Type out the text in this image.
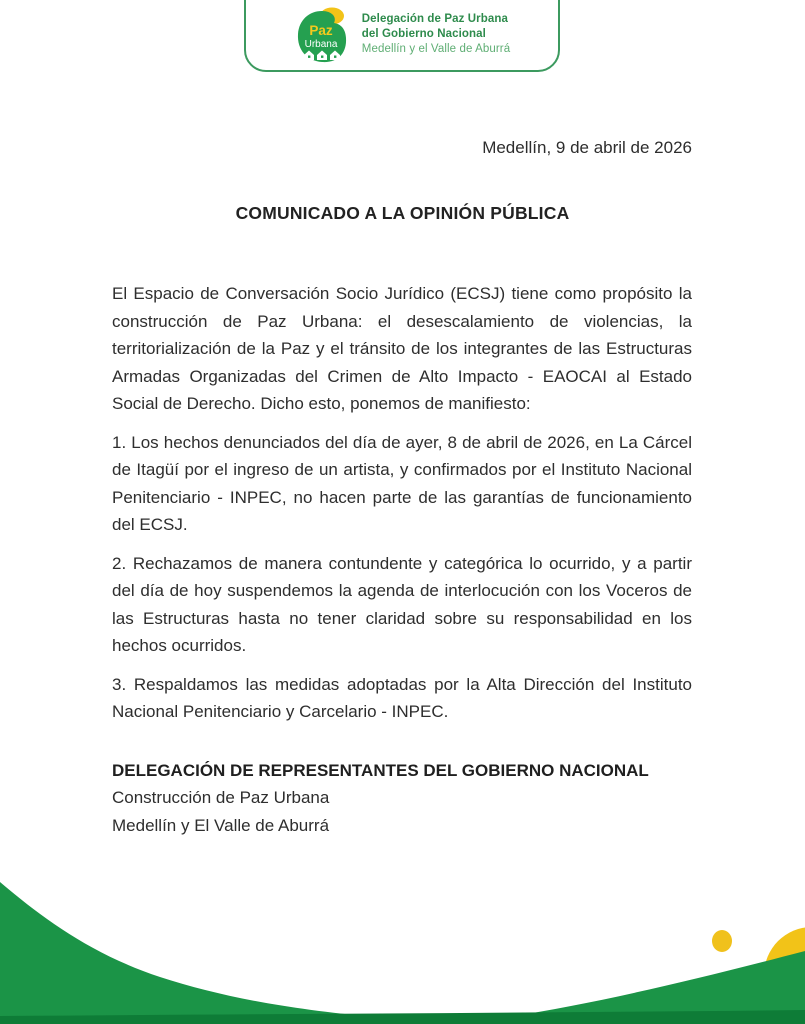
Paz
Urbana
Delegación de Paz Urbana
del Gobierno Nacional
Medellín y el Valle de Aburrá
Medellín, 9 de abril de 2026
COMUNICADO A LA OPINIÓN PÚBLICA

El Espacio de Conversación Socio Jurídico (ECSJ) tiene como propósito la construcción de Paz Urbana: el desescalamiento de violencias, la territorialización de la Paz y el tránsito de los integrantes de las Estructuras Armadas Organizadas del Crimen de Alto Impacto - EAOCAI al Estado Social de Derecho. Dicho esto, ponemos de manifiesto:

1. Los hechos denunciados del día de ayer, 8 de abril de 2026, en La Cárcel de Itagüí por el ingreso de un artista, y confirmados por el Instituto Nacional Penitenciario - INPEC, no hacen parte de las garantías de funcionamiento del ECSJ.

2. Rechazamos de manera contundente y categórica lo ocurrido, y a partir del día de hoy suspendemos la agenda de interlocución con los Voceros de las Estructuras hasta no tener claridad sobre su responsabilidad en los hechos ocurridos.

3. Respaldamos las medidas adoptadas por la Alta Dirección del Instituto Nacional Penitenciario y Carcelario - INPEC.

DELEGACIÓN DE REPRESENTANTES DEL GOBIERNO NACIONAL
Construcción de Paz Urbana
Medellín y El Valle de Aburrá
